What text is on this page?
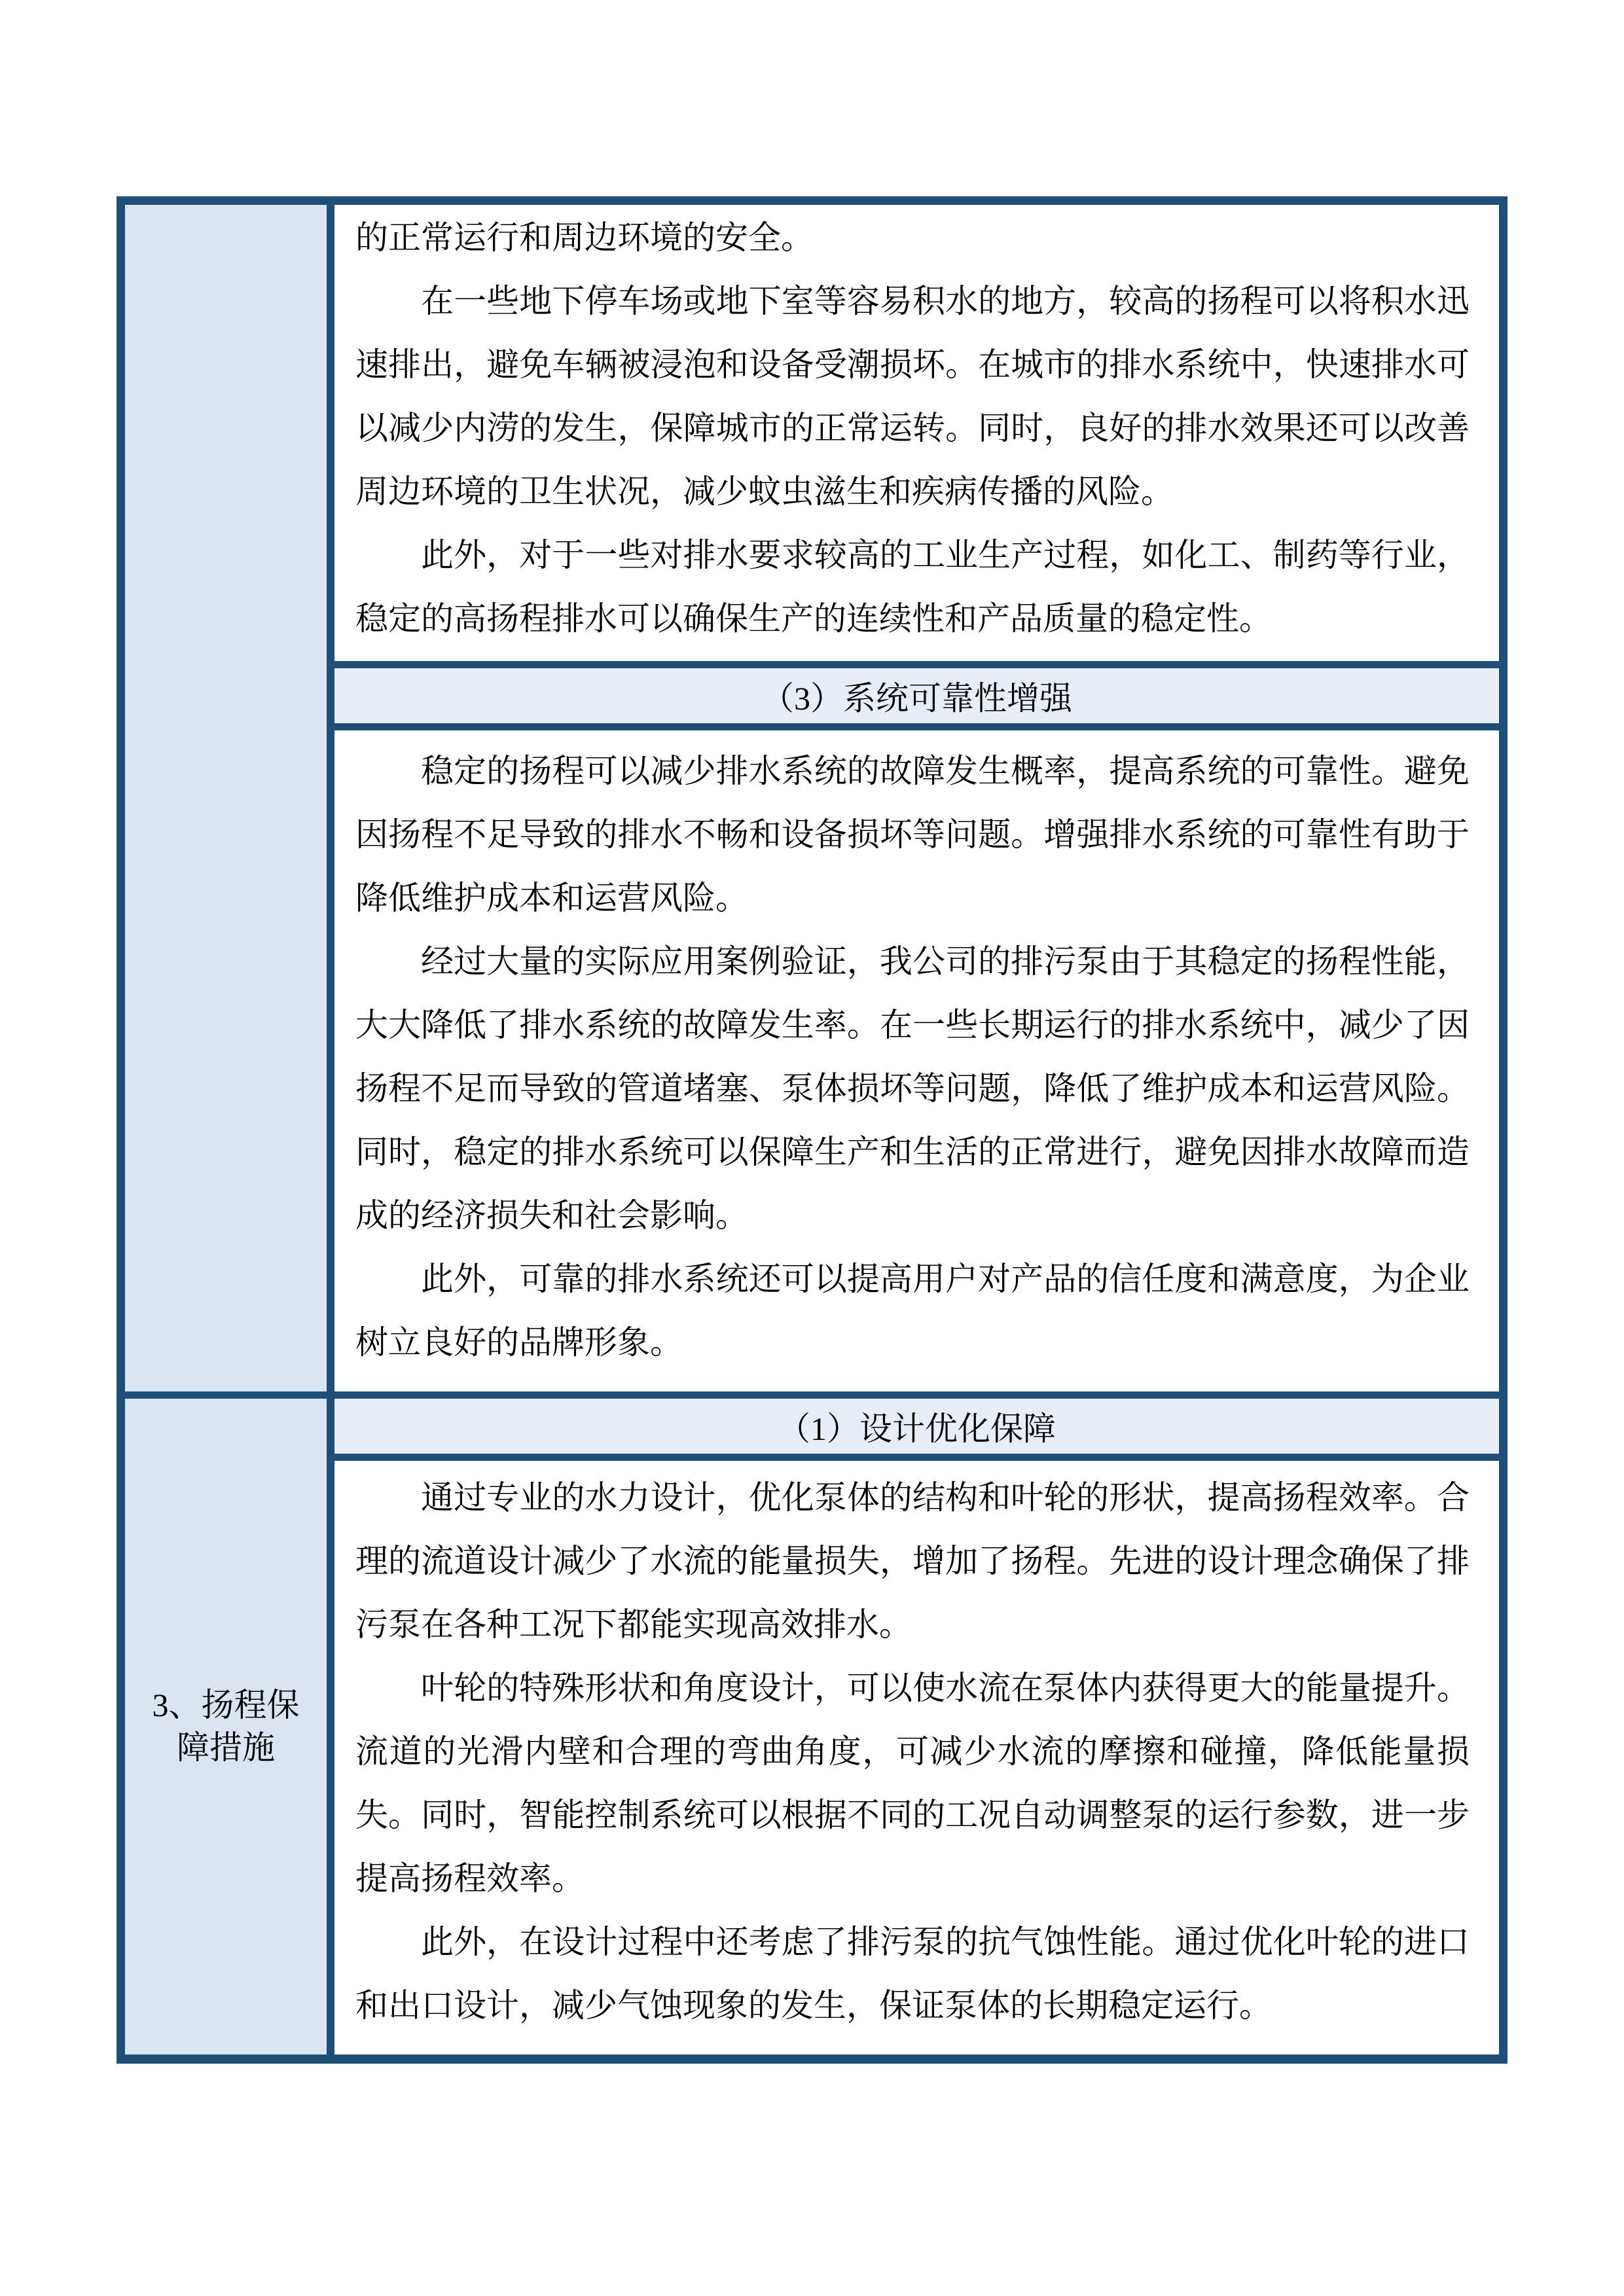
3、扬程保
障措施

的正常运行和周边环境的安全。

在一些地下停车场或地下室等容易积水的地方，较高的扬程可以将积水迅速排出，避免车辆被浸泡和设备受潮损坏。在城市的排水系统中，快速排水可以减少内涝的发生，保障城市的正常运转。同时，良好的排水效果还可以改善周边环境的卫生状况，减少蚊虫滋生和疾病传播的风险。

此外，对于一些对排水要求较高的工业生产过程，如化工、制药等行业，稳定的高扬程排水可以确保生产的连续性和产品质量的稳定性。

（3）系统可靠性增强

稳定的扬程可以减少排水系统的故障发生概率，提高系统的可靠性。避免因扬程不足导致的排水不畅和设备损坏等问题。增强排水系统的可靠性有助于降低维护成本和运营风险。

经过大量的实际应用案例验证，我公司的排污泵由于其稳定的扬程性能，大大降低了排水系统的故障发生率。在一些长期运行的排水系统中，减少了因扬程不足而导致的管道堵塞、泵体损坏等问题，降低了维护成本和运营风险。同时，稳定的排水系统可以保障生产和生活的正常进行，避免因排水故障而造成的经济损失和社会影响。

此外，可靠的排水系统还可以提高用户对产品的信任度和满意度，为企业树立良好的品牌形象。

（1）设计优化保障

通过专业的水力设计，优化泵体的结构和叶轮的形状，提高扬程效率。合理的流道设计减少了水流的能量损失，增加了扬程。先进的设计理念确保了排污泵在各种工况下都能实现高效排水。

叶轮的特殊形状和角度设计，可以使水流在泵体内获得更大的能量提升。流道的光滑内壁和合理的弯曲角度，可减少水流的摩擦和碰撞，降低能量损失。同时，智能控制系统可以根据不同的工况自动调整泵的运行参数，进一步提高扬程效率。

此外，在设计过程中还考虑了排污泵的抗气蚀性能。通过优化叶轮的进口和出口设计，减少气蚀现象的发生，保证泵体的长期稳定运行。
